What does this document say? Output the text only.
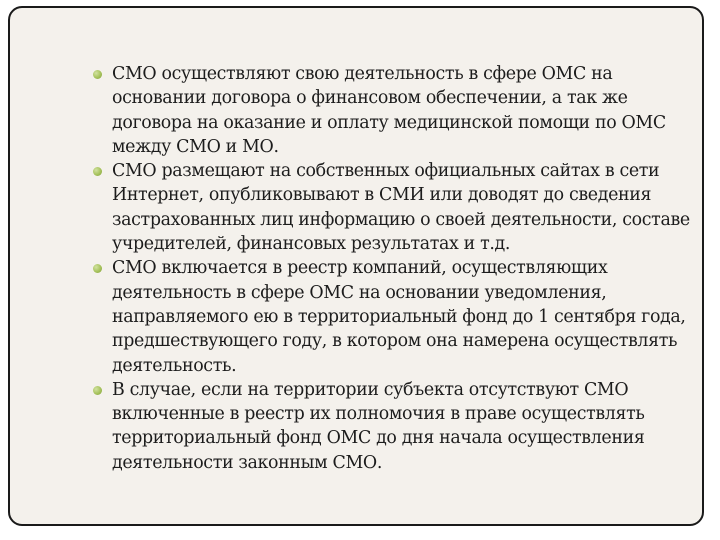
СМО осуществляют свою деятельность в сфере ОМС на основании договора о финансовом обеспечении, а так же договора на оказание и оплату медицинской помощи по ОМС между СМО и МО.
СМО размещают на собственных официальных сайтах в сети Интернет, опубликовывают в СМИ или доводят до сведения застрахованных лиц информацию о своей деятельности, составе учредителей, финансовых результатах и т.д.
СМО включается в реестр компаний, осуществляющих деятельность в сфере ОМС на основании уведомления, направляемого ею в территориальный фонд до 1 сентября года, предшествующего году, в котором она намерена осуществлять деятельность.
В случае, если на территории субъекта отсутствуют СМО включенные в реестр их полномочия в праве осуществлять территориальный фонд ОМС до дня начала осуществления деятельности законным СМО.
